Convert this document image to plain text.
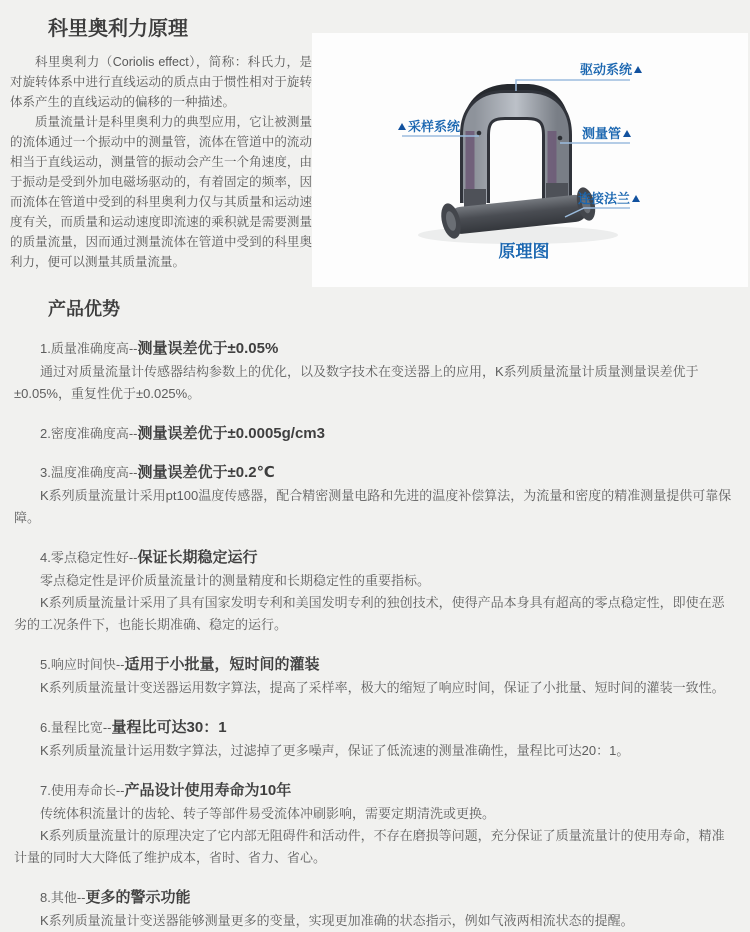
科里奥利力原理

科里奥利力（Coriolis effect），简称：科氏力，是对旋转体系中进行直线运动的质点由于惯性相对于旋转体系产生的直线运动的偏移的一种描述。

质量流量计是科里奥利力的典型应用，它让被测量的流体通过一个振动中的测量管，流体在管道中的流动相当于直线运动，测量管的振动会产生一个角速度，由于振动是受到外加电磁场驱动的，有着固定的频率，因而流体在管道中受到的科里奥利力仅与其质量和运动速度有关，而质量和运动速度即流速的乘积就是需要测量的质量流量，因而通过测量流体在管道中受到的科里奥利力，便可以测量其质量流量。

驱动系统
采样系统	测量管
连接法兰
原理图
产品优势
1.质量准确度高--测量误差优于±0.05%

通过对质量流量计传感器结构参数上的优化，以及数字技术在变送器上的应用，K系列质量流量计质量测量误差优于±0.05%，重复性优于±0.025%。

2.密度准确度高--测量误差优于±0.0005g/cm3
3.温度准确度高--测量误差优于±0.2℃

K系列质量流量计采用pt100温度传感器，配合精密测量电路和先进的温度补偿算法，为流量和密度的精准测量提供可靠保障。

4.零点稳定性好--保证长期稳定运行

零点稳定性是评价质量流量计的测量精度和长期稳定性的重要指标。

K系列质量流量计采用了具有国家发明专利和美国发明专利的独创技术，使得产品本身具有超高的零点稳定性，即使在恶劣的工况条件下，也能长期准确、稳定的运行。

5.响应时间快--适用于小批量，短时间的灌装

K系列质量流量计变送器运用数字算法，提高了采样率，极大的缩短了响应时间，保证了小批量、短时间的灌装一致性。

6.量程比宽--量程比可达30：1

K系列质量流量计运用数字算法，过滤掉了更多噪声，保证了低流速的测量准确性，量程比可达20：1。

7.使用寿命长--产品设计使用寿命为10年

传统体积流量计的齿轮、转子等部件易受流体冲刷影响，需要定期清洗或更换。

K系列质量流量计的原理决定了它内部无阻碍件和活动件，不存在磨损等问题，充分保证了质量流量计的使用寿命，精准计量的同时大大降低了维护成本，省时、省力、省心。

8.其他--更多的警示功能

K系列质量流量计变送器能够测量更多的变量，实现更加准确的状态指示，例如气液两相流状态的提醒。
